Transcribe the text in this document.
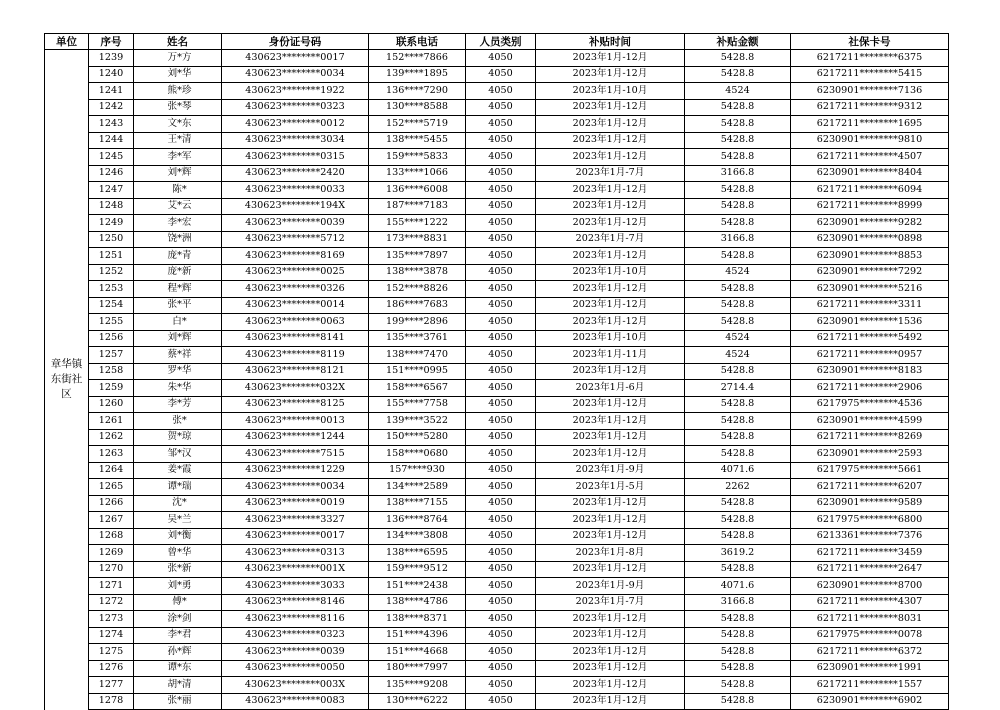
单位	序号	姓名	身份证号码	联系电话	人员类别	补贴时间	补贴金额	社保卡号
章华镇东街社区	1239	万*方	430623********0017	152****7866	4050	2023年1月-12月	5428.8	6217211********6375
	1240	刘*华	430623********0034	139****1895	4050	2023年1月-12月	5428.8	6217211********5415
	1241	熊*珍	430623********1922	136****7290	4050	2023年1月-10月	4524	6230901********7136
	1242	张*琴	430623********0323	130****8588	4050	2023年1月-12月	5428.8	6217211********9312
	1243	文*东	430623********0012	152****5719	4050	2023年1月-12月	5428.8	6217211********1695
	1244	王*清	430623********3034	138****5455	4050	2023年1月-12月	5428.8	6230901********9810
	1245	李*军	430623********0315	159****5833	4050	2023年1月-12月	5428.8	6217211********4507
	1246	刘*辉	430623********2420	133****1066	4050	2023年1月-7月	3166.8	6230901********8404
	1247	陈*	430623********0033	136****6008	4050	2023年1月-12月	5428.8	6217211********6094
	1248	艾*云	430623********194X	187****7183	4050	2023年1月-12月	5428.8	6217211********8999
	1249	李*宏	430623********0039	155****1222	4050	2023年1月-12月	5428.8	6230901********9282
	1250	饶*洲	430623********5712	173****8831	4050	2023年1月-7月	3166.8	6230901********0898
	1251	庞*青	430623********8169	135****7897	4050	2023年1月-12月	5428.8	6230901********8853
	1252	庞*新	430623********0025	138****3878	4050	2023年1月-10月	4524	6230901********7292
	1253	程*辉	430623********0326	152****8826	4050	2023年1月-12月	5428.8	6230901********5216
	1254	张*平	430623********0014	186****7683	4050	2023年1月-12月	5428.8	6217211********3311
	1255	白*	430623********0063	199****2896	4050	2023年1月-12月	5428.8	6230901********1536
	1256	刘*辉	430623********8141	135****3761	4050	2023年1月-10月	4524	6217211********5492
	1257	蔡*祥	430623********8119	138****7470	4050	2023年1月-11月	4524	6217211********0957
	1258	罗*华	430623********8121	151****0995	4050	2023年1月-12月	5428.8	6230901********8183
	1259	朱*华	430623********032X	158****6567	4050	2023年1月-6月	2714.4	6217211********2906
	1260	李*芳	430623********8125	155****7758	4050	2023年1月-12月	5428.8	6217975********4536
	1261	张*	430623********0013	139****3522	4050	2023年1月-12月	5428.8	6230901********4599
	1262	贺*琼	430623********1244	150****5280	4050	2023年1月-12月	5428.8	6217211********8269
	1263	邹*汉	430623********7515	158****0680	4050	2023年1月-12月	5428.8	6230901********2593
	1264	姜*霞	430623********1229	157****930	4050	2023年1月-9月	4071.6	6217975********5661
	1265	谭*瑞	430623********0034	134****2589	4050	2023年1月-5月	2262	6217211********6207
	1266	沈*	430623********0019	138****7155	4050	2023年1月-12月	5428.8	6230901********9589
	1267	吴*兰	430623********3327	136****8764	4050	2023年1月-12月	5428.8	6217975********6800
	1268	刘*衡	430623********0017	134****3808	4050	2023年1月-12月	5428.8	6213361********7376
	1269	曾*华	430623********0313	138****6595	4050	2023年1月-8月	3619.2	6217211********3459
	1270	张*新	430623********001X	159****9512	4050	2023年1月-12月	5428.8	6217211********2647
	1271	刘*勇	430623********3033	151****2438	4050	2023年1月-9月	4071.6	6230901********8700
	1272	傅*	430623********8146	138****4786	4050	2023年1月-7月	3166.8	6217211********4307
	1273	涂*剑	430623********8116	138****8371	4050	2023年1月-12月	5428.8	6217211********8031
	1274	李*君	430623********0323	151****4396	4050	2023年1月-12月	5428.8	6217975********0078
	1275	孙*辉	430623********0039	151****4668	4050	2023年1月-12月	5428.8	6217211********6372
	1276	谭*东	430623********0050	180****7997	4050	2023年1月-12月	5428.8	6230901********1991
	1277	胡*清	430623********003X	135****9208	4050	2023年1月-12月	5428.8	6217211********1557
	1278	张*丽	430623********0083	130****6222	4050	2023年1月-12月	5428.8	6230901********6902
